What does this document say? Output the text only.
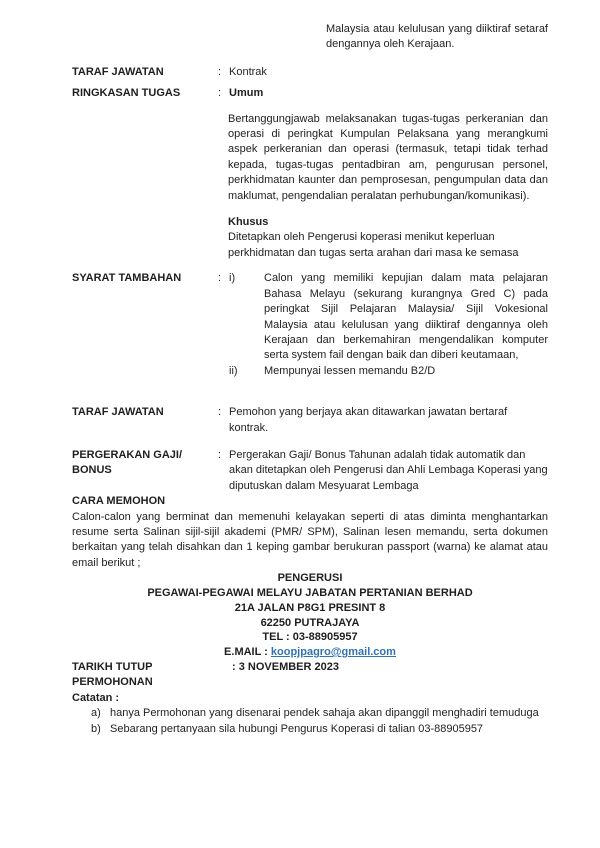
Malaysia atau kelulusan yang diiktiraf setaraf dengannya oleh Kerajaan.

TARAF JAWATAN	: Kontrak
RINGKASAN TUGAS	: Umum

Bertanggungjawab melaksanakan tugas-tugas perkeranian dan operasi di peringkat Kumpulan Pelaksana yang merangkumi aspek perkeranian dan operasi (termasuk, tetapi tidak terhad kepada, tugas-tugas pentadbiran am, pengurusan personel, perkhidmatan kaunter dan pemprosesan, pengumpulan data dan maklumat, pengendalian peralatan perhubungan/komunikasi).

Khusus
Ditetapkan oleh Pengerusi koperasi menikut keperluan perkhidmatan dan tugas serta arahan dari masa ke semasa
SYARAT TAMBAHAN	: i)	Calon yang memiliki kepujian dalam mata pelajaran Bahasa Melayu (sekurang kurangnya Gred C) pada peringkat Sijil Pelajaran Malaysia/ Sijil Vokesional Malaysia atau kelulusan yang diiktiraf dengannya oleh Kerajaan dan berkemahiran mengendalikan komputer serta system fail dengan baik dan diberi keutamaan,
ii)	Mempunyai lessen memandu B2/D
TARAF JAWATAN	: Pemohon yang berjaya akan ditawarkan jawatan bertaraf kontrak.
PERGERAKAN GAJI/ BONUS
: Pergerakan Gaji/ Bonus Tahunan adalah tidak automatik dan akan ditetapkan oleh Pengerusi dan Ahli Lembaga Koperasi yang diputuskan dalam Mesyuarat Lembaga
CARA MEMOHON

Calon-calon yang berminat dan memenuhi kelayakan seperti di atas diminta menghantarkan resume serta Salinan sijil-sijil akademi (PMR/ SPM), Salinan lesen memandu, serta dokumen berkaitan yang telah disahkan dan 1 keping gambar berukuran passport (warna) ke alamat atau email berikut ;

PENGERUSI
PEGAWAI-PEGAWAI MELAYU JABATAN PERTANIAN BERHAD
21A JALAN P8G1 PRESINT 8
62250 PUTRAJAYA
TEL : 03-88905957
E.MAIL : koopjpagro@gmail.com
TARIKH TUTUP PERMOHONAN
: 3 NOVEMBER 2023
Catatan :
a) hanya Permohonan yang disenarai pendek sahaja akan dipanggil menghadiri temuduga
b) Sebarang pertanyaan sila hubungi Pengurus Koperasi di talian 03-88905957
